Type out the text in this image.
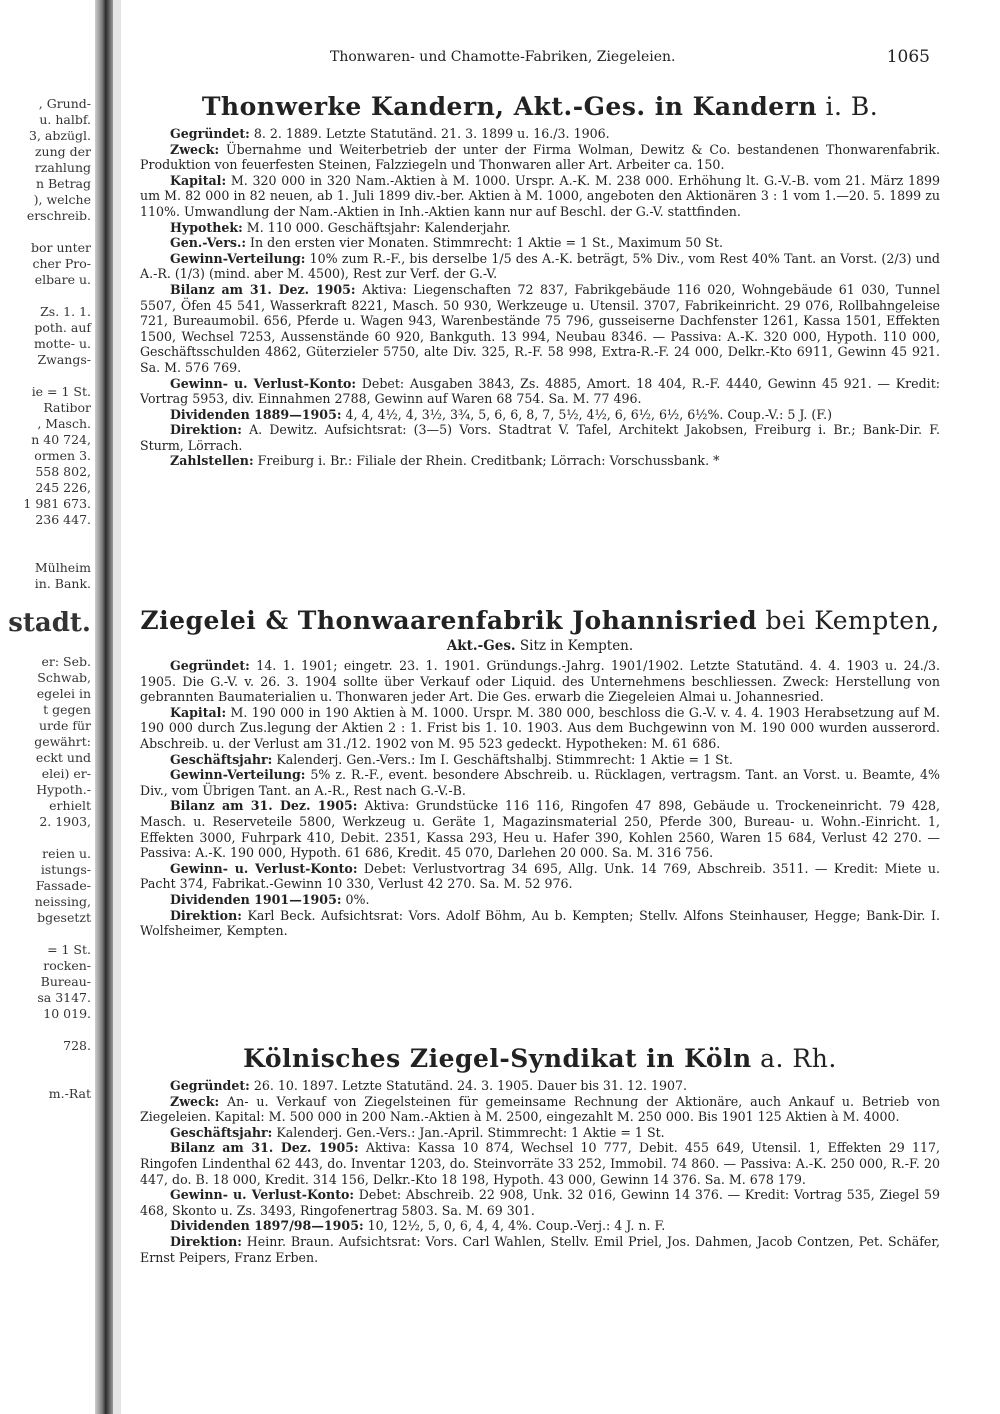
, Grund-
u. halbf.
3, abzügl.
zung der
rzahlung
n Betrag
), welche
erschreib.
bor unter
cher Pro-
elbare u.
Zs. 1. 1.
poth. auf
motte- u.
Zwangs-
ie = 1 St.
Ratibor
, Masch.
n 40 724,
ormen 3.
558 802,
245 226,
1 981 673.
236 447.
Mülheim
in. Bank.
stadt.
er: Seb.
Schwab,
egelei in
t gegen
urde für
gewährt:
eckt und
elei) er-
Hypoth.-
erhielt
2. 1903,
reien u.
istungs-
Fassade-
neissing,
bgesetzt
= 1 St.
rocken-
Bureau-
sa 3147.
10 019.
728.
m.-Rat
Thonwaren- und Chamotte-Fabriken, Ziegeleien.	1065
Thonwerke Kandern, Akt.-Ges. in Kandern i. B.

Gegründet: 8. 2. 1889. Letzte Statutänd. 21. 3. 1899 u. 16./3. 1906.

Zweck: Übernahme und Weiterbetrieb der unter der Firma Wolman, Dewitz & Co. bestandenen Thonwarenfabrik. Produktion von feuerfesten Steinen, Falzziegeln und Thonwaren aller Art. Arbeiter ca. 150.

Kapital: M. 320 000 in 320 Nam.-Aktien à M. 1000. Urspr. A.-K. M. 238 000. Erhöhung lt. G.-V.-B. vom 21. März 1899 um M. 82 000 in 82 neuen, ab 1. Juli 1899 div.-ber. Aktien à M. 1000, angeboten den Aktionären 3 : 1 vom 1.—20. 5. 1899 zu 110%. Umwandlung der Nam.-Aktien in Inh.-Aktien kann nur auf Beschl. der G.-V. stattfinden.

Hypothek: M. 110 000. Geschäftsjahr: Kalenderjahr.

Gen.-Vers.: In den ersten vier Monaten. Stimmrecht: 1 Aktie = 1 St., Maximum 50 St.

Gewinn-Verteilung: 10% zum R.-F., bis derselbe 1/5 des A.-K. beträgt, 5% Div., vom Rest 40% Tant. an Vorst. (2/3) und A.-R. (1/3) (mind. aber M. 4500), Rest zur Verf. der G.-V.

Bilanz am 31. Dez. 1905: Aktiva: Liegenschaften 72 837, Fabrikgebäude 116 020, Wohngebäude 61 030, Tunnel 5507, Öfen 45 541, Wasserkraft 8221, Masch. 50 930, Werkzeuge u. Utensil. 3707, Fabrikeinricht. 29 076, Rollbahngeleise 721, Bureaumobil. 656, Pferde u. Wagen 943, Warenbestände 75 796, gusseiserne Dachfenster 1261, Kassa 1501, Effekten 1500, Wechsel 7253, Aussenstände 60 920, Bankguth. 13 994, Neubau 8346. — Passiva: A.-K. 320 000, Hypoth. 110 000, Geschäftsschulden 4862, Güterzieler 5750, alte Div. 325, R.-F. 58 998, Extra-R.-F. 24 000, Delkr.-Kto 6911, Gewinn 45 921. Sa. M. 576 769.

Gewinn- u. Verlust-Konto: Debet: Ausgaben 3843, Zs. 4885, Amort. 18 404, R.-F. 4440, Gewinn 45 921. — Kredit: Vortrag 5953, div. Einnahmen 2788, Gewinn auf Waren 68 754. Sa. M. 77 496.

Dividenden 1889—1905: 4, 4, 4½, 4, 3½, 3¾, 5, 6, 6, 8, 7, 5½, 4½, 6, 6½, 6½, 6½%. Coup.-V.: 5 J. (F.)

Direktion: A. Dewitz. Aufsichtsrat: (3—5) Vors. Stadtrat V. Tafel, Architekt Jakobsen, Freiburg i. Br.; Bank-Dir. F. Sturm, Lörrach.

Zahlstellen: Freiburg i. Br.: Filiale der Rhein. Creditbank; Lörrach: Vorschussbank. *

Ziegelei & Thonwaarenfabrik Johannisried bei Kempten,
Akt.-Ges. Sitz in Kempten.

Gegründet: 14. 1. 1901; eingetr. 23. 1. 1901. Gründungs.-Jahrg. 1901/1902. Letzte Statutänd. 4. 4. 1903 u. 24./3. 1905. Die G.-V. v. 26. 3. 1904 sollte über Verkauf oder Liquid. des Unternehmens beschliessen. Zweck: Herstellung von gebrannten Baumaterialien u. Thonwaren jeder Art. Die Ges. erwarb die Ziegeleien Almai u. Johannesried.

Kapital: M. 190 000 in 190 Aktien à M. 1000. Urspr. M. 380 000, beschloss die G.-V. v. 4. 4. 1903 Herabsetzung auf M. 190 000 durch Zus.legung der Aktien 2 : 1. Frist bis 1. 10. 1903. Aus dem Buchgewinn von M. 190 000 wurden ausserord. Abschreib. u. der Verlust am 31./12. 1902 von M. 95 523 gedeckt. Hypotheken: M. 61 686.

Geschäftsjahr: Kalenderj. Gen.-Vers.: Im I. Geschäftshalbj. Stimmrecht: 1 Aktie = 1 St.

Gewinn-Verteilung: 5% z. R.-F., event. besondere Abschreib. u. Rücklagen, vertragsm. Tant. an Vorst. u. Beamte, 4% Div., vom Übrigen Tant. an A.-R., Rest nach G.-V.-B.

Bilanz am 31. Dez. 1905: Aktiva: Grundstücke 116 116, Ringofen 47 898, Gebäude u. Trockeneinricht. 79 428, Masch. u. Reserveteile 5800, Werkzeug u. Geräte 1, Magazinsmaterial 250, Pferde 300, Bureau- u. Wohn.-Einricht. 1, Effekten 3000, Fuhrpark 410, Debit. 2351, Kassa 293, Heu u. Hafer 390, Kohlen 2560, Waren 15 684, Verlust 42 270. — Passiva: A.-K. 190 000, Hypoth. 61 686, Kredit. 45 070, Darlehen 20 000. Sa. M. 316 756.

Gewinn- u. Verlust-Konto: Debet: Verlustvortrag 34 695, Allg. Unk. 14 769, Abschreib. 3511. — Kredit: Miete u. Pacht 374, Fabrikat.-Gewinn 10 330, Verlust 42 270. Sa. M. 52 976.

Dividenden 1901—1905: 0%.

Direktion: Karl Beck. Aufsichtsrat: Vors. Adolf Böhm, Au b. Kempten; Stellv. Alfons Steinhauser, Hegge; Bank-Dir. I. Wolfsheimer, Kempten.

Kölnisches Ziegel-Syndikat in Köln a. Rh.

Gegründet: 26. 10. 1897. Letzte Statutänd. 24. 3. 1905. Dauer bis 31. 12. 1907.

Zweck: An- u. Verkauf von Ziegelsteinen für gemeinsame Rechnung der Aktionäre, auch Ankauf u. Betrieb von Ziegeleien. Kapital: M. 500 000 in 200 Nam.-Aktien à M. 2500, eingezahlt M. 250 000. Bis 1901 125 Aktien à M. 4000.

Geschäftsjahr: Kalenderj. Gen.-Vers.: Jan.-April. Stimmrecht: 1 Aktie = 1 St.

Bilanz am 31. Dez. 1905: Aktiva: Kassa 10 874, Wechsel 10 777, Debit. 455 649, Utensil. 1, Effekten 29 117, Ringofen Lindenthal 62 443, do. Inventar 1203, do. Steinvorräte 33 252, Immobil. 74 860. — Passiva: A.-K. 250 000, R.-F. 20 447, do. B. 18 000, Kredit. 314 156, Delkr.-Kto 18 198, Hypoth. 43 000, Gewinn 14 376. Sa. M. 678 179.

Gewinn- u. Verlust-Konto: Debet: Abschreib. 22 908, Unk. 32 016, Gewinn 14 376. — Kredit: Vortrag 535, Ziegel 59 468, Skonto u. Zs. 3493, Ringofenertrag 5803. Sa. M. 69 301.

Dividenden 1897/98—1905: 10, 12½, 5, 0, 6, 4, 4, 4%. Coup.-Verj.: 4 J. n. F.

Direktion: Heinr. Braun. Aufsichtsrat: Vors. Carl Wahlen, Stellv. Emil Priel, Jos. Dahmen, Jacob Contzen, Pet. Schäfer, Ernst Peipers, Franz Erben.
